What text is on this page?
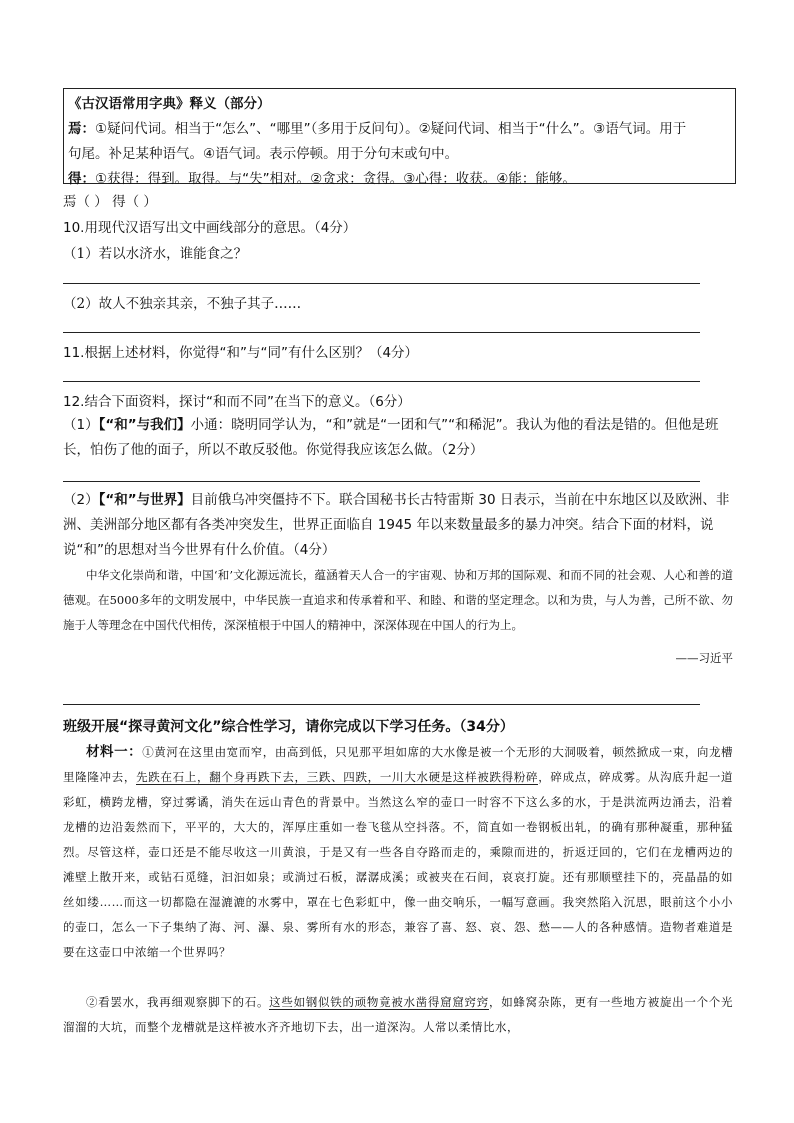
《古汉语常用字典》释义（部分）
焉：①疑问代词。相当于“怎么”、“哪里”（多用于反问句）。②疑问代词、相当于“什么”。③语气词。用于
句尾。补足某种语气。④语气词。表示停顿。用于分句末或句中。
得：①获得：得到。取得。与“失”相对。②贪求：贪得。③心得：收获。④能：能够。
焉（ ） 得（ ）
10.用现代汉语写出文中画线部分的意思。（4分）
（1）若以水济水，谁能食之？
（2）故人不独亲其亲，不独子其子……
11.根据上述材料，你觉得“和”与“同”有什么区别？（4分）
12.结合下面资料，探讨“和而不同”在当下的意义。（6分）
（1）【“和”与我们】小通：晓明同学认为，“和”就是“一团和气”“和稀泥”。我认为他的看法是错的。但他是班长，怕伤了他的面子，所以不敢反驳他。你觉得我应该怎么做。（2分）
（2）【“和”与世界】目前俄乌冲突僵持不下。联合国秘书长古特雷斯 30 日表示，当前在中东地区以及欧洲、非洲、美洲部分地区都有各类冲突发生，世界正面临自 1945 年以来数量最多的暴力冲突。结合下面的材料，说说“和”的思想对当今世界有什么价值。（4分）
中华文化崇尚和谐，中国‘和’文化源远流长，蕴涵着天人合一的宇宙观、协和万邦的国际观、和而不同的社会观、人心和善的道德观。在5000多年的文明发展中，中华民族一直追求和传承着和平、和睦、和谐的坚定理念。以和为贵，与人为善，己所不欲、勿施于人等理念在中国代代相传，深深植根于中国人的精神中，深深体现在中国人的行为上。
——习近平
班级开展“探寻黄河文化”综合性学习，请你完成以下学习任务。（34分）
材料一：①黄河在这里由宽而窄，由高到低，只见那平坦如席的大水像是被一个无形的大洞吸着，顿然掀成一束，向龙槽里隆隆冲去，先跌在石上，翻个身再跌下去，三跌、四跌，一川大水硬是这样被跌得粉碎，碎成点，碎成雾。从沟底升起一道彩虹，横跨龙槽，穿过雾谲，消失在远山青色的背景中。当然这么窄的壶口一时容不下这么多的水，于是洪流两边涌去，沿着龙槽的边沿轰然而下，平平的，大大的，浑厚庄重如一卷飞毯从空抖落。不，简直如一卷钢板出轧，的确有那种凝重，那种猛烈。尽管这样，壶口还是不能尽收这一川黄浪，于是又有一些各自夺路而走的，乘隙而进的，折返迂回的，它们在龙槽两边的滩壁上散开来，或钻石觅缝，汩汩如泉；或淌过石板，潺潺成溪；或被夹在石间，哀哀打旋。还有那顺壁挂下的，亮晶晶的如丝如缕……而这一切都隐在湿漉漉的水雾中，罩在七色彩虹中，像一曲交响乐，一幅写意画。我突然陷入沉思，眼前这个小小的壶口，怎么一下子集纳了海、河、瀑、泉、雾所有水的形态，兼容了喜、怒、哀、怨、愁——人的各种感情。造物者难道是要在这壶口中浓缩一个世界吗？
②看罢水，我再细观察脚下的石。这些如钢似铁的顽物竟被水凿得窟窟窍窍，如蜂窝杂陈，更有一些地方被旋出一个个光溜溜的大坑，而整个龙槽就是这样被水齐齐地切下去，出一道深沟。人常以柔情比水，
